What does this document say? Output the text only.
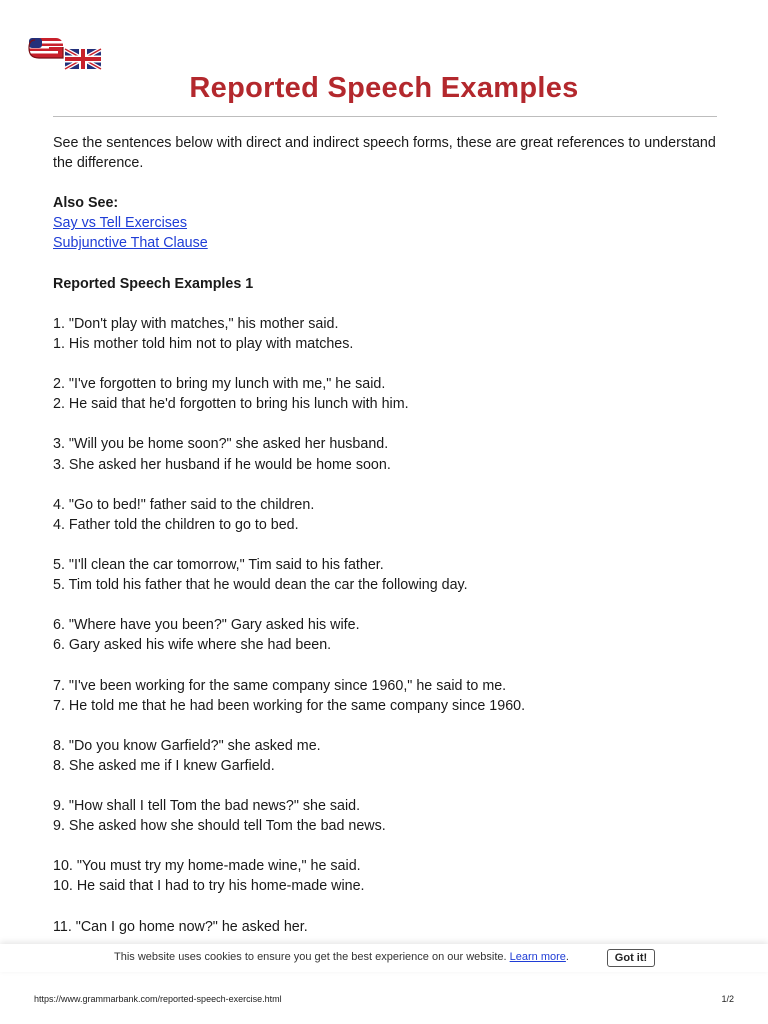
Reported Speech Examples

See the sentences below with direct and indirect speech forms, these are great references to understand the difference.

Also See:

Say vs Tell Exercises

Subjunctive That Clause

Reported Speech Examples 1

1. "Don't play with matches," his mother said.
1. His mother told him not to play with matches.

2. "I've forgotten to bring my lunch with me," he said.
2. He said that he'd forgotten to bring his lunch with him.

3. "Will you be home soon?" she asked her husband.
3. She asked her husband if he would be home soon.

4. "Go to bed!" father said to the children.
4. Father told the children to go to bed.

5. "I'll clean the car tomorrow," Tim said to his father.
5. Tim told his father that he would dean the car the following day.

6. "Where have you been?" Gary asked his wife.
6. Gary asked his wife where she had been.

7. "I've been working for the same company since 1960," he said to me.
7. He told me that he had been working for the same company since 1960.

8. "Do you know Garfield?" she asked me.
8. She asked me if I knew Garfield.

9. "How shall I tell Tom the bad news?" she said.
9. She asked how she should tell Tom the bad news.

10. "You must try my home-made wine," he said.
10. He said that I had to try his home-made wine.

11. "Can I go home now?" he asked her.

This website uses cookies to ensure you get the best experience on our website. Learn more.	Got it!
https://www.grammarbank.com/reported-speech-exercise.html	1/2
